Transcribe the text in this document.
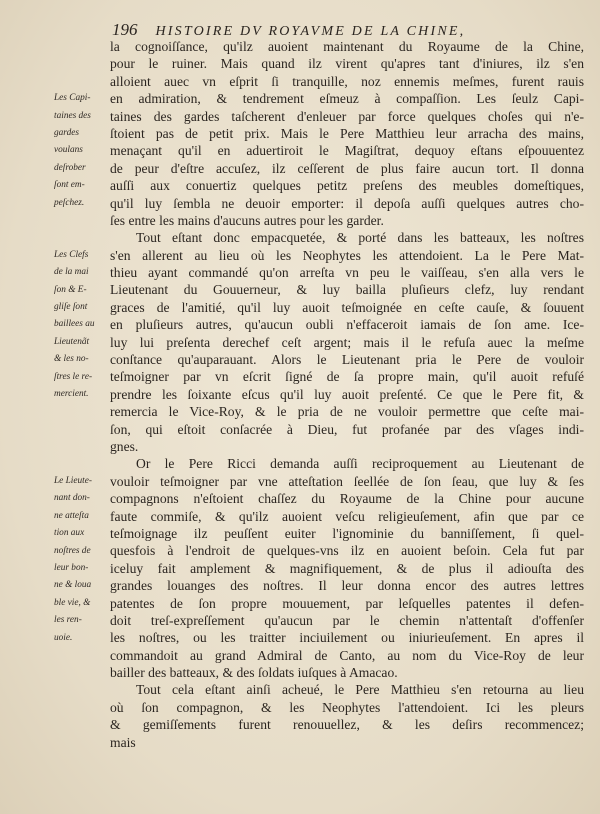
196 HISTOIRE DV ROYAVME DE LA CHINE,
la cognoiſſance, qu'ilz auoient maintenant du Royaume de la Chine,
pour le ruiner. Mais quand ilz virent qu'apres tant d'iniures, ilz s'en
alloient auec vn eſprit ſi tranquille, noz ennemis meſmes, furent rauis
en admiration, & tendrement eſmeuz à compaſſion. Les ſeulz Capi-
taines des gardes taſcherent d'enleuer par force quelques choſes qui n'e-
ſtoient pas de petit prix. Mais le Pere Matthieu leur arracha des mains,
menaçant qu'il en aduertiroit le Magiſtrat, dequoy eſtans eſpouuentez
de peur d'eſtre accuſez, ilz ceſſerent de plus faire aucun tort. Il donna
auſſi aux conuertiz quelques petitz preſens des meubles domeſtiques,
qu'il luy ſembla ne deuoir emporter: il depoſa auſſi quelques autres cho-
ſes entre les mains d'aucuns autres pour les garder.
Tout eſtant donc empacquetée, & porté dans les batteaux, les noſtres
s'en allerent au lieu où les Neophytes les attendoient. La le Pere Mat-
thieu ayant commandé qu'on arreſta vn peu le vaiſſeau, s'en alla vers le
Lieutenant du Gouuerneur, & luy bailla pluſieurs clefz, luy rendant
graces de l'amitié, qu'il luy auoit teſmoignée en ceſte cauſe, & ſouuent
en pluſieurs autres, qu'aucun oubli n'effaceroit iamais de ſon ame. Ice-
luy lui preſenta derechef ceſt argent; mais il le refuſa auec la meſme
conſtance qu'auparauant. Alors le Lieutenant pria le Pere de vouloir
teſmoigner par vn eſcrit ſigné de ſa propre main, qu'il auoit refuſé
prendre les ſoixante eſcus qu'il luy auoit preſenté. Ce que le Pere fit, &
remercia le Vice-Roy, & le pria de ne vouloir permettre que ceſte mai-
ſon, qui eſtoit conſacrée à Dieu, fut profanée par des vſages indi-
gnes.
Or le Pere Ricci demanda auſſi reciproquement au Lieutenant de
vouloir teſmoigner par vne atteſtation ſeellée de ſon ſeau, que luy & ſes
compagnons n'eſtoient chaſſez du Royaume de la Chine pour aucune
faute commiſe, & qu'ilz auoient veſcu religieuſement, afin que par ce
teſmoignage ilz peuſſent euiter l'ignominie du banniſſement, ſi quel-
quesfois à l'endroit de quelques-vns ilz en auoient beſoin. Cela fut par
iceluy fait amplement & magnifiquement, & de plus il adiouſta des
grandes louanges des noſtres. Il leur donna encor des autres lettres
patentes de ſon propre mouuement, par leſquelles patentes il defen-
doit treſ-expreſſement qu'aucun par le chemin n'attentaſt d'offenſer
les noſtres, ou les traitter inciuilement ou iniurieuſement. En apres il
commandoit au grand Admiral de Canto, au nom du Vice-Roy de leur
bailler des batteaux, & des ſoldats iuſques à Amacao.
Tout cela eſtant ainſi acheué, le Pere Matthieu s'en retourna au lieu
où ſon compagnon, & les Neophytes l'attendoient. Ici les pleurs
& gemiſſements furent renouuellez, & les deſirs recommencez;
mais
Les Capi-
taines des
gardes
voulans
deſrober
ſont em-
peſchez.
Les Clefs
de la mai
ſon & E-
gliſe ſont
baillees au
Lieutenãt
& les no-
ſtres le re-
mercient.
Le Lieute-
nant don-
ne atteſta
tion aux
noſtres de
leur bon-
ne & loua
ble vie, &
les ren-
uoie.
